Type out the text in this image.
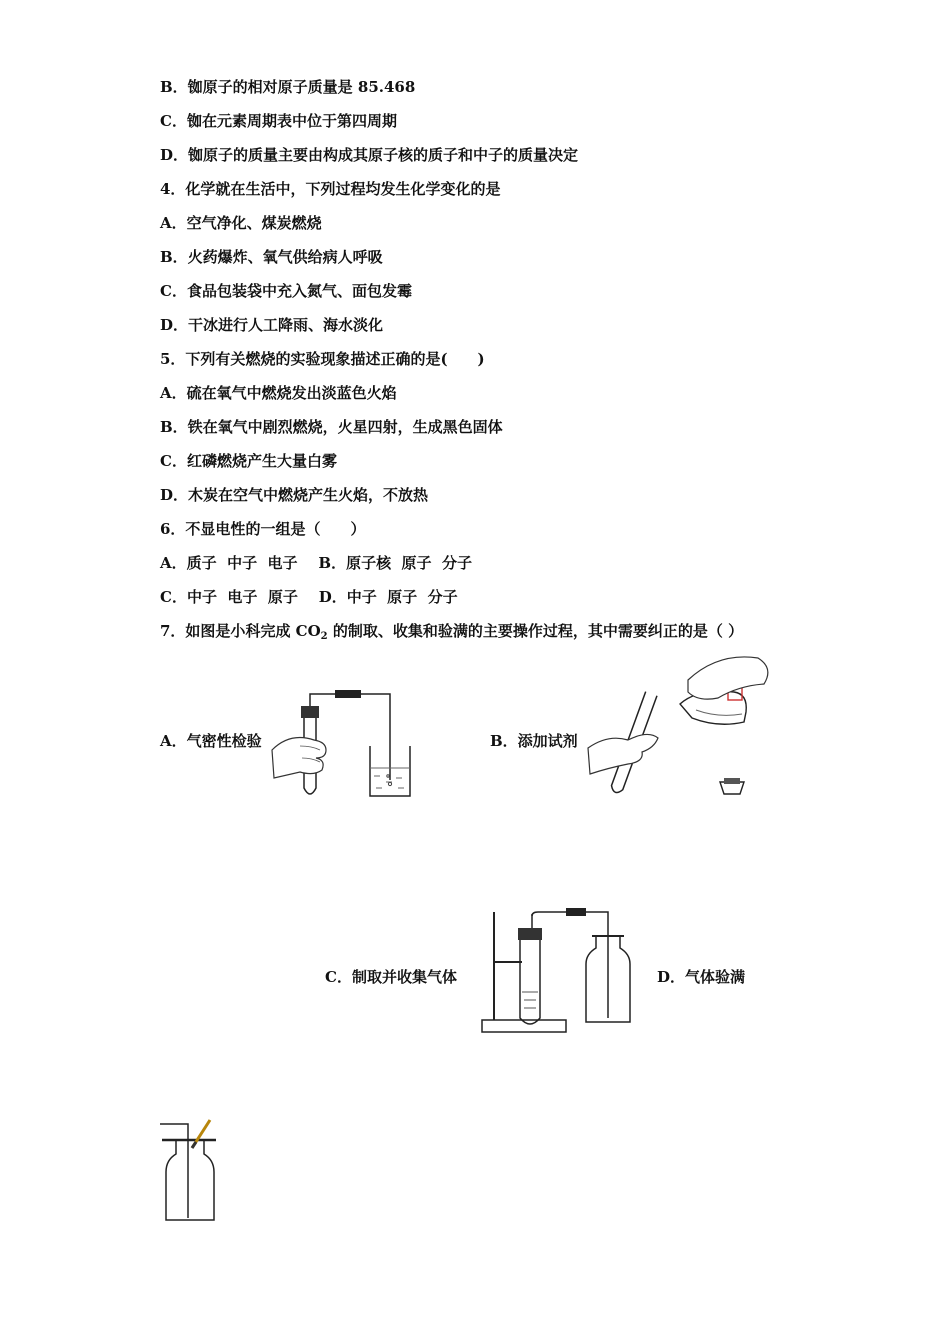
B．铷原子的相对原子质量是 85.468
C．铷在元素周期表中位于第四周期
D．铷原子的质量主要由构成其原子核的质子和中子的质量决定
4．化学就在生活中，下列过程均发生化学变化的是
A．空气净化、煤炭燃烧
B．火药爆炸、氧气供给病人呼吸
C．食品包装袋中充入氮气、面包发霉
D．干冰进行人工降雨、海水淡化
5．下列有关燃烧的实验现象描述正确的是(　　)
A．硫在氧气中燃烧发出淡蓝色火焰
B．铁在氧气中剧烈燃烧，火星四射，生成黑色固体
C．红磷燃烧产生大量白雾
D．木炭在空气中燃烧产生火焰，不放热
6．不显电性的一组是（　　）
A．质子  中子  电子    B．原子核  原子  分子
C．中子  电子  原子    D．中子  原子  分子
7．如图是小科完成 $CO_2$ 的制取、收集和验满的主要操作过程，其中需要纠正的是（ ）
A．气密性检验	B．添加试剂
C．制取并收集气体	D．气体验满
